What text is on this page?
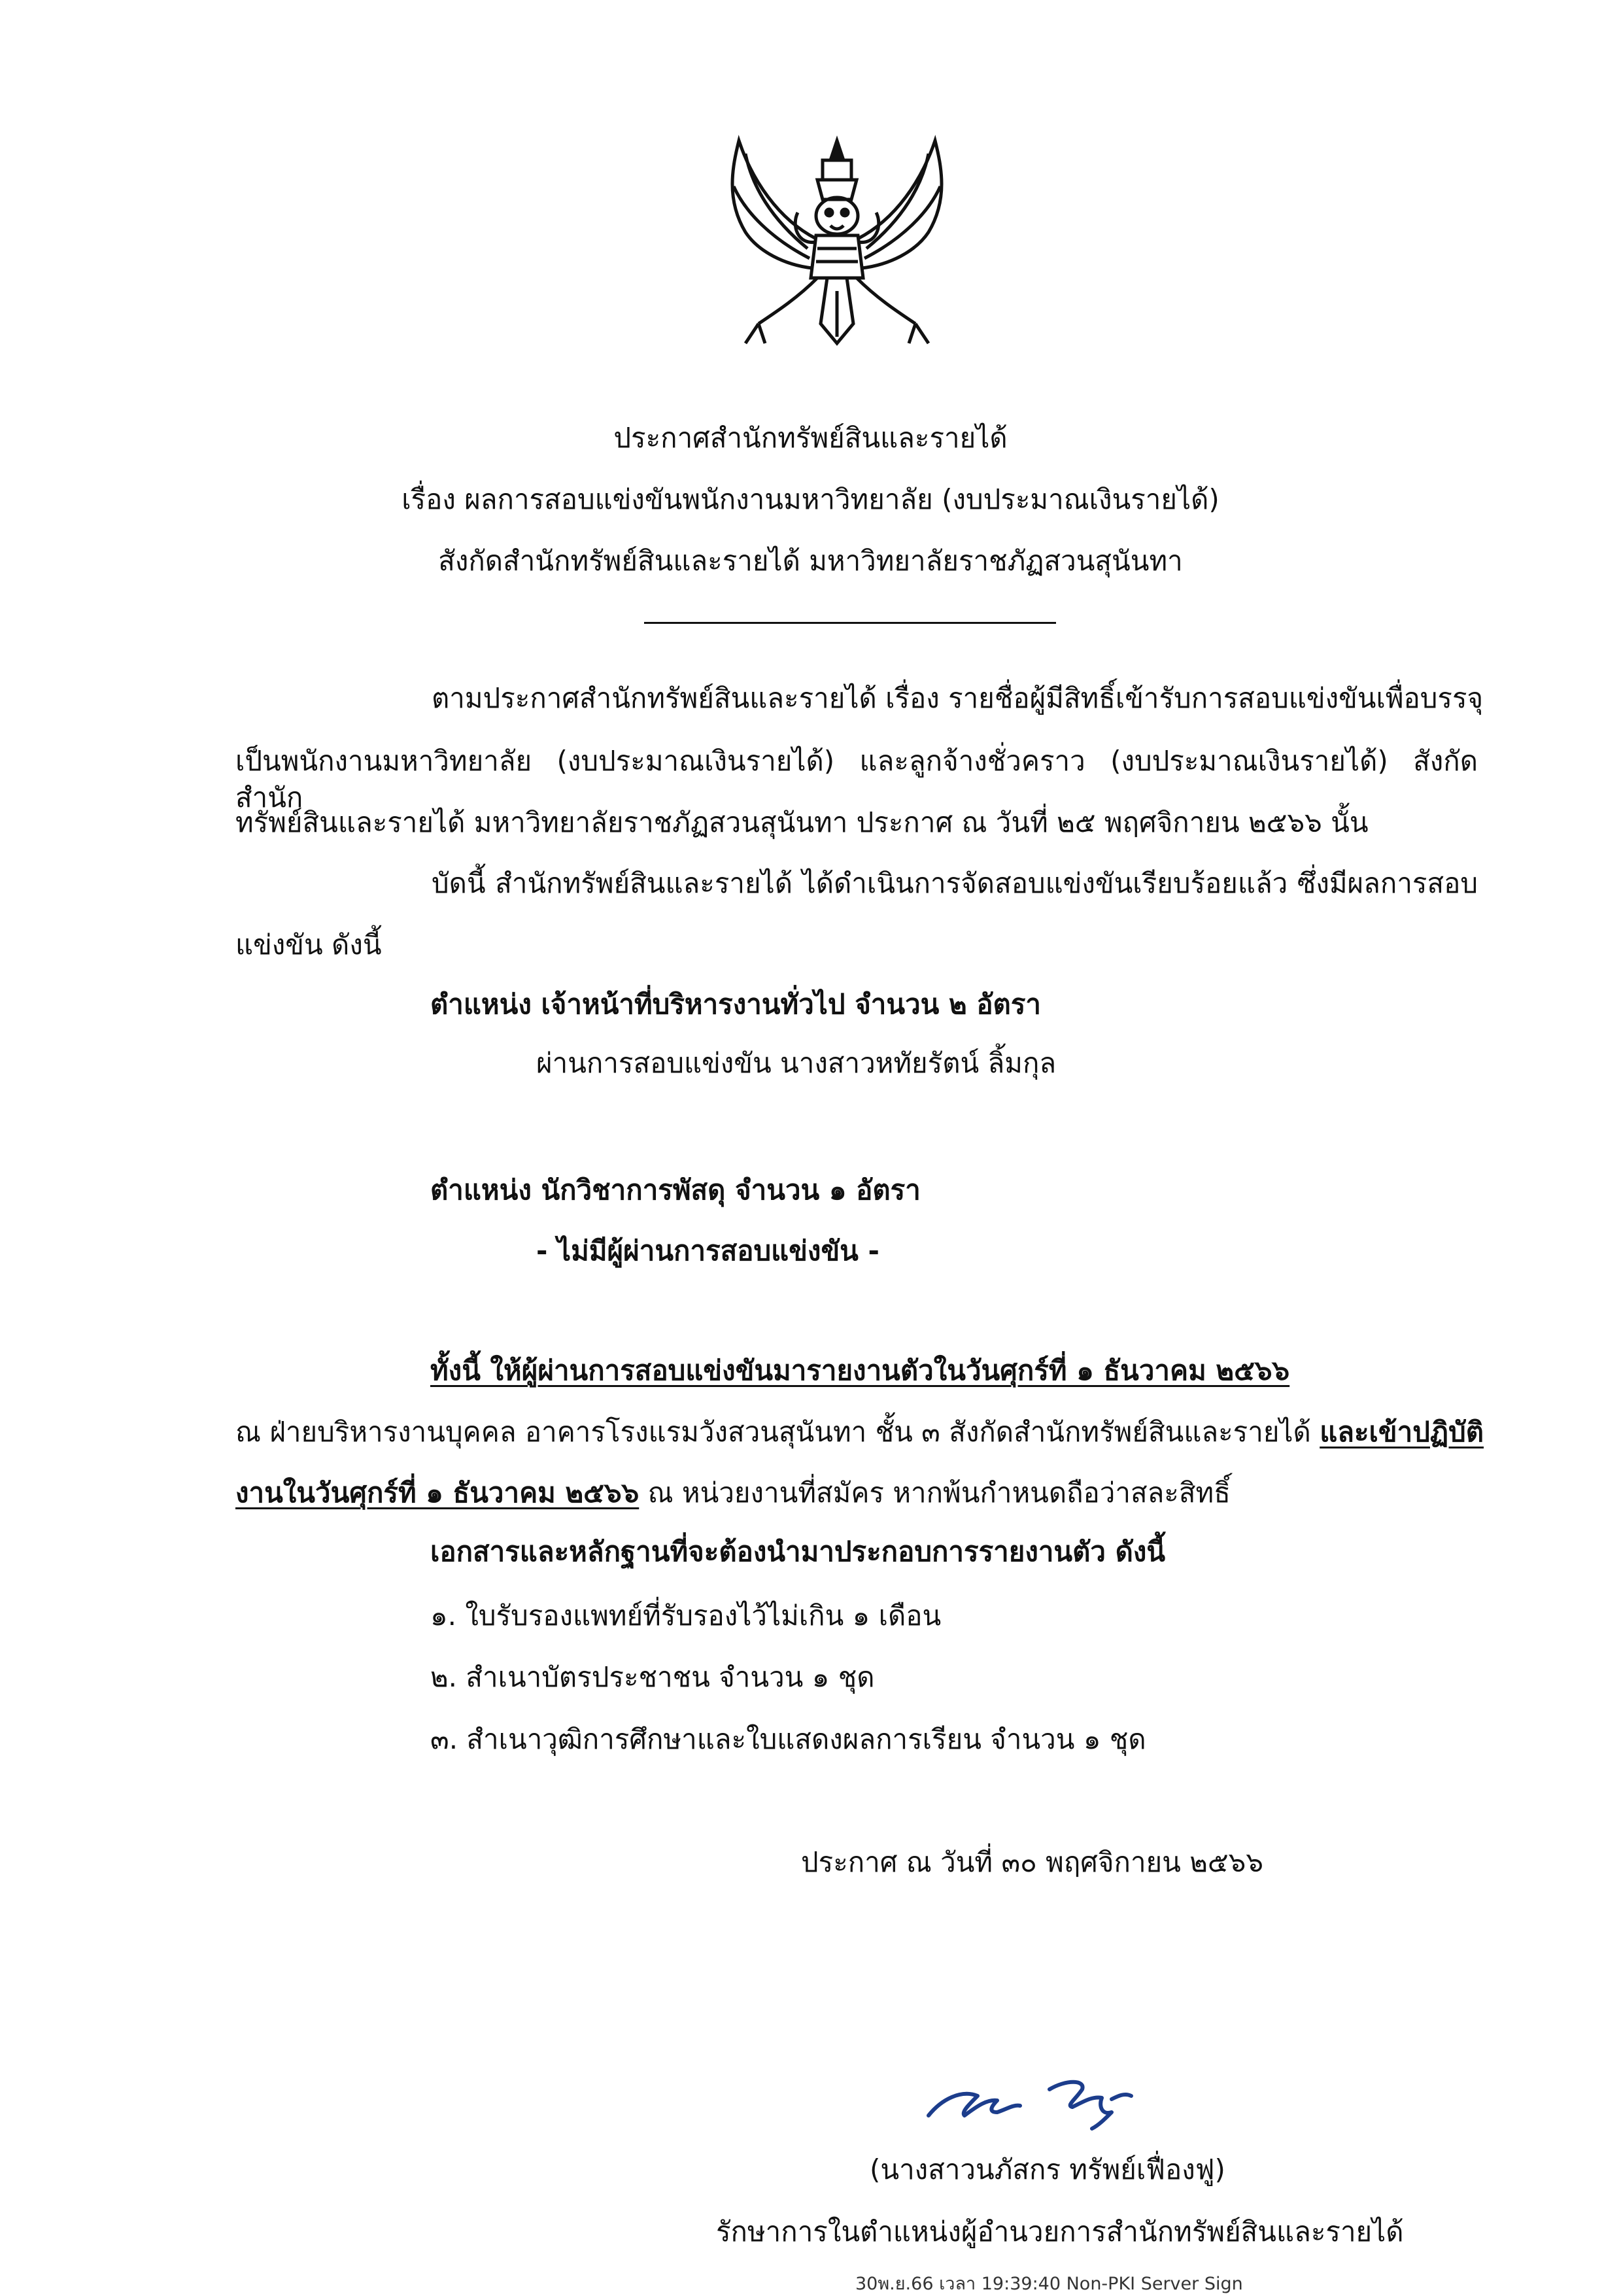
ประกาศสำนักทรัพย์สินและรายได้
เรื่อง ผลการสอบแข่งขันพนักงานมหาวิทยาลัย (งบประมาณเงินรายได้)
สังกัดสำนักทรัพย์สินและรายได้ มหาวิทยาลัยราชภัฏสวนสุนันทา
ตามประกาศสำนักทรัพย์สินและรายได้ เรื่อง รายชื่อผู้มีสิทธิ์เข้ารับการสอบแข่งขันเพื่อบรรจุ
เป็นพนักงานมหาวิทยาลัย (งบประมาณเงินรายได้) และลูกจ้างชั่วคราว (งบประมาณเงินรายได้) สังกัดสำนัก
ทรัพย์สินและรายได้ มหาวิทยาลัยราชภัฏสวนสุนันทา ประกาศ ณ วันที่ ๒๕ พฤศจิกายน ๒๕๖๖ นั้น
บัดนี้ สำนักทรัพย์สินและรายได้ ได้ดำเนินการจัดสอบแข่งขันเรียบร้อยแล้ว ซึ่งมีผลการสอบ
แข่งขัน ดังนี้
ตำแหน่ง เจ้าหน้าที่บริหารงานทั่วไป จำนวน ๒ อัตรา
ผ่านการสอบแข่งขัน นางสาวหทัยรัตน์ ลิ้มกุล
ตำแหน่ง นักวิชาการพัสดุ จำนวน ๑ อัตรา
- ไม่มีผู้ผ่านการสอบแข่งขัน -
ทั้งนี้ ให้ผู้ผ่านการสอบแข่งขันมารายงานตัวในวันศุกร์ที่ ๑ ธันวาคม ๒๕๖๖
ณ ฝ่ายบริหารงานบุคคล อาคารโรงแรมวังสวนสุนันทา ชั้น ๓ สังกัดสำนักทรัพย์สินและรายได้ และเข้าปฏิบัติ
งานในวันศุกร์ที่ ๑ ธันวาคม ๒๕๖๖ ณ หน่วยงานที่สมัคร หากพ้นกำหนดถือว่าสละสิทธิ์
เอกสารและหลักฐานที่จะต้องนำมาประกอบการรายงานตัว ดังนี้
๑. ใบรับรองแพทย์ที่รับรองไว้ไม่เกิน ๑ เดือน
๒. สำเนาบัตรประชาชน จำนวน ๑ ชุด
๓. สำเนาวุฒิการศึกษาและใบแสดงผลการเรียน จำนวน ๑ ชุด
ประกาศ ณ วันที่ ๓๐ พฤศจิกายน ๒๕๖๖
(นางสาวนภัสกร ทรัพย์เฟื่องฟู)
รักษาการในตำแหน่งผู้อำนวยการสำนักทรัพย์สินและรายได้
30พ.ย.66 เวลา 19:39:40 Non-PKI Server Sign
